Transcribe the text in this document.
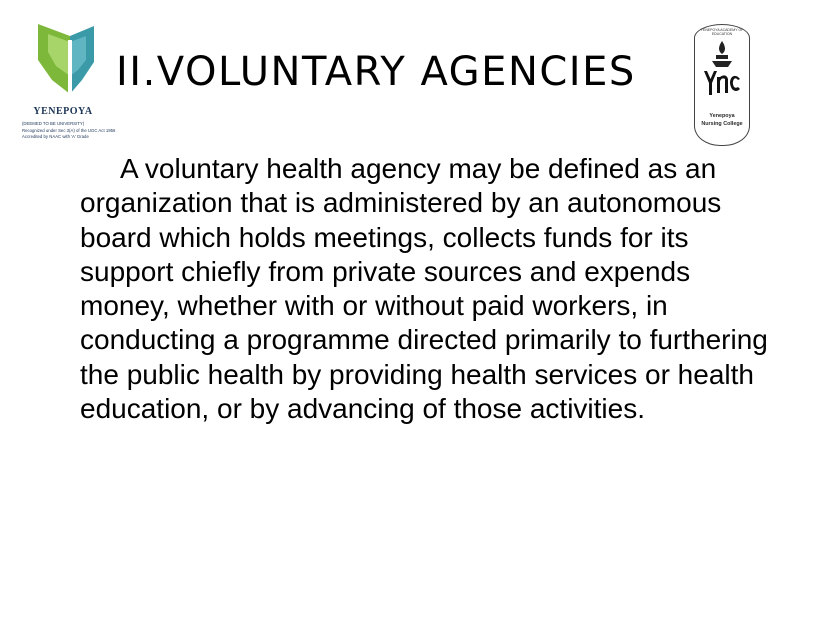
YENEPOYA
(DEEMED TO BE UNIVERSITY)
Recognized under Sec 3(A) of the UGC Act 1956
Accredited by NAAC with 'A' Grade
YENEPOYA ACADEMY OF EDUCATION
Yenepoya
Nursing College
II.VOLUNTARY AGENCIES

A voluntary health agency may be defined as an organization that is administered by an autonomous board which holds meetings, collects funds for its support chiefly from private sources and expends money, whether with or without paid workers, in conducting a programme directed primarily to furthering the public health by providing health services or health education, or by advancing of those activities.
